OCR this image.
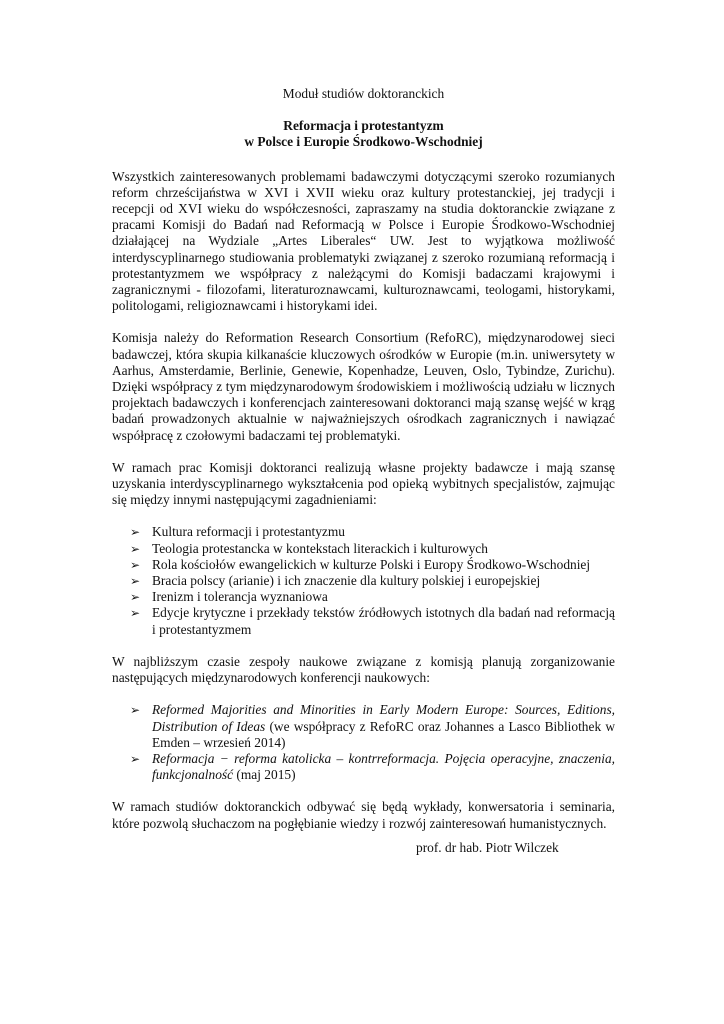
Moduł studiów doktoranckich
Reformacja i protestantyzm
w Polsce i Europie Środkowo-Wschodniej

Wszystkich zainteresowanych problemami badawczymi dotyczącymi szeroko rozumianych reform chrześcijaństwa w XVI i XVII wieku oraz kultury protestanckiej, jej tradycji i recepcji od XVI wieku do współczesności, zapraszamy na studia doktoranckie związane z pracami Komisji do Badań nad Reformacją w Polsce i Europie Środkowo-Wschodniej działającej na Wydziale „Artes Liberales“ UW. Jest to wyjątkowa możliwość interdyscyplinarnego studiowania problematyki związanej z szeroko rozumianą reformacją i protestantyzmem we współpracy z należącymi do Komisji badaczami krajowymi i zagranicznymi - filozofami, literaturoznawcami, kulturoznawcami, teologami, historykami, politologami, religioznawcami i historykami idei.

Komisja należy do Reformation Research Consortium (RefoRC), międzynarodowej sieci badawczej, która skupia kilkanaście kluczowych ośrodków w Europie (m.in. uniwersytety w Aarhus, Amsterdamie, Berlinie, Genewie, Kopenhadze, Leuven, Oslo, Tybindze, Zurichu). Dzięki współpracy z tym międzynarodowym środowiskiem i możliwością udziału w licznych projektach badawczych i konferencjach zainteresowani doktoranci mają szansę wejść w krąg badań prowadzonych aktualnie w najważniejszych ośrodkach zagranicznych i nawiązać współpracę z czołowymi badaczami tej problematyki.

W ramach prac Komisji doktoranci realizują własne projekty badawcze i mają szansę uzyskania interdyscyplinarnego wykształcenia pod opieką wybitnych specjalistów, zajmując się między innymi następującymi zagadnieniami:

➢ Kultura reformacji i protestantyzmu
➢ Teologia protestancka w kontekstach literackich i kulturowych
➢ Rola kościołów ewangelickich w kulturze Polski i Europy Środkowo-Wschodniej
➢ Bracia polscy (arianie) i ich znaczenie dla kultury polskiej i europejskiej
➢ Irenizm i tolerancja wyznaniowa
➢ Edycje krytyczne i przekłady tekstów źródłowych istotnych dla badań nad reformacją i protestantyzmem

W najbliższym czasie zespoły naukowe związane z komisją planują zorganizowanie następujących międzynarodowych konferencji naukowych:

➢ Reformed Majorities and Minorities in Early Modern Europe: Sources, Editions, Distribution of Ideas (we współpracy z RefoRC oraz Johannes a Lasco Bibliothek w Emden – wrzesień 2014)
➢ Reformacja − reforma katolicka – kontrreformacja. Pojęcia operacyjne, znaczenia, funkcjonalność (maj 2015)

W ramach studiów doktoranckich odbywać się będą wykłady, konwersatoria i seminaria, które pozwolą słuchaczom na pogłębianie wiedzy i rozwój zainteresowań humanistycznych.

prof. dr hab. Piotr Wilczek
